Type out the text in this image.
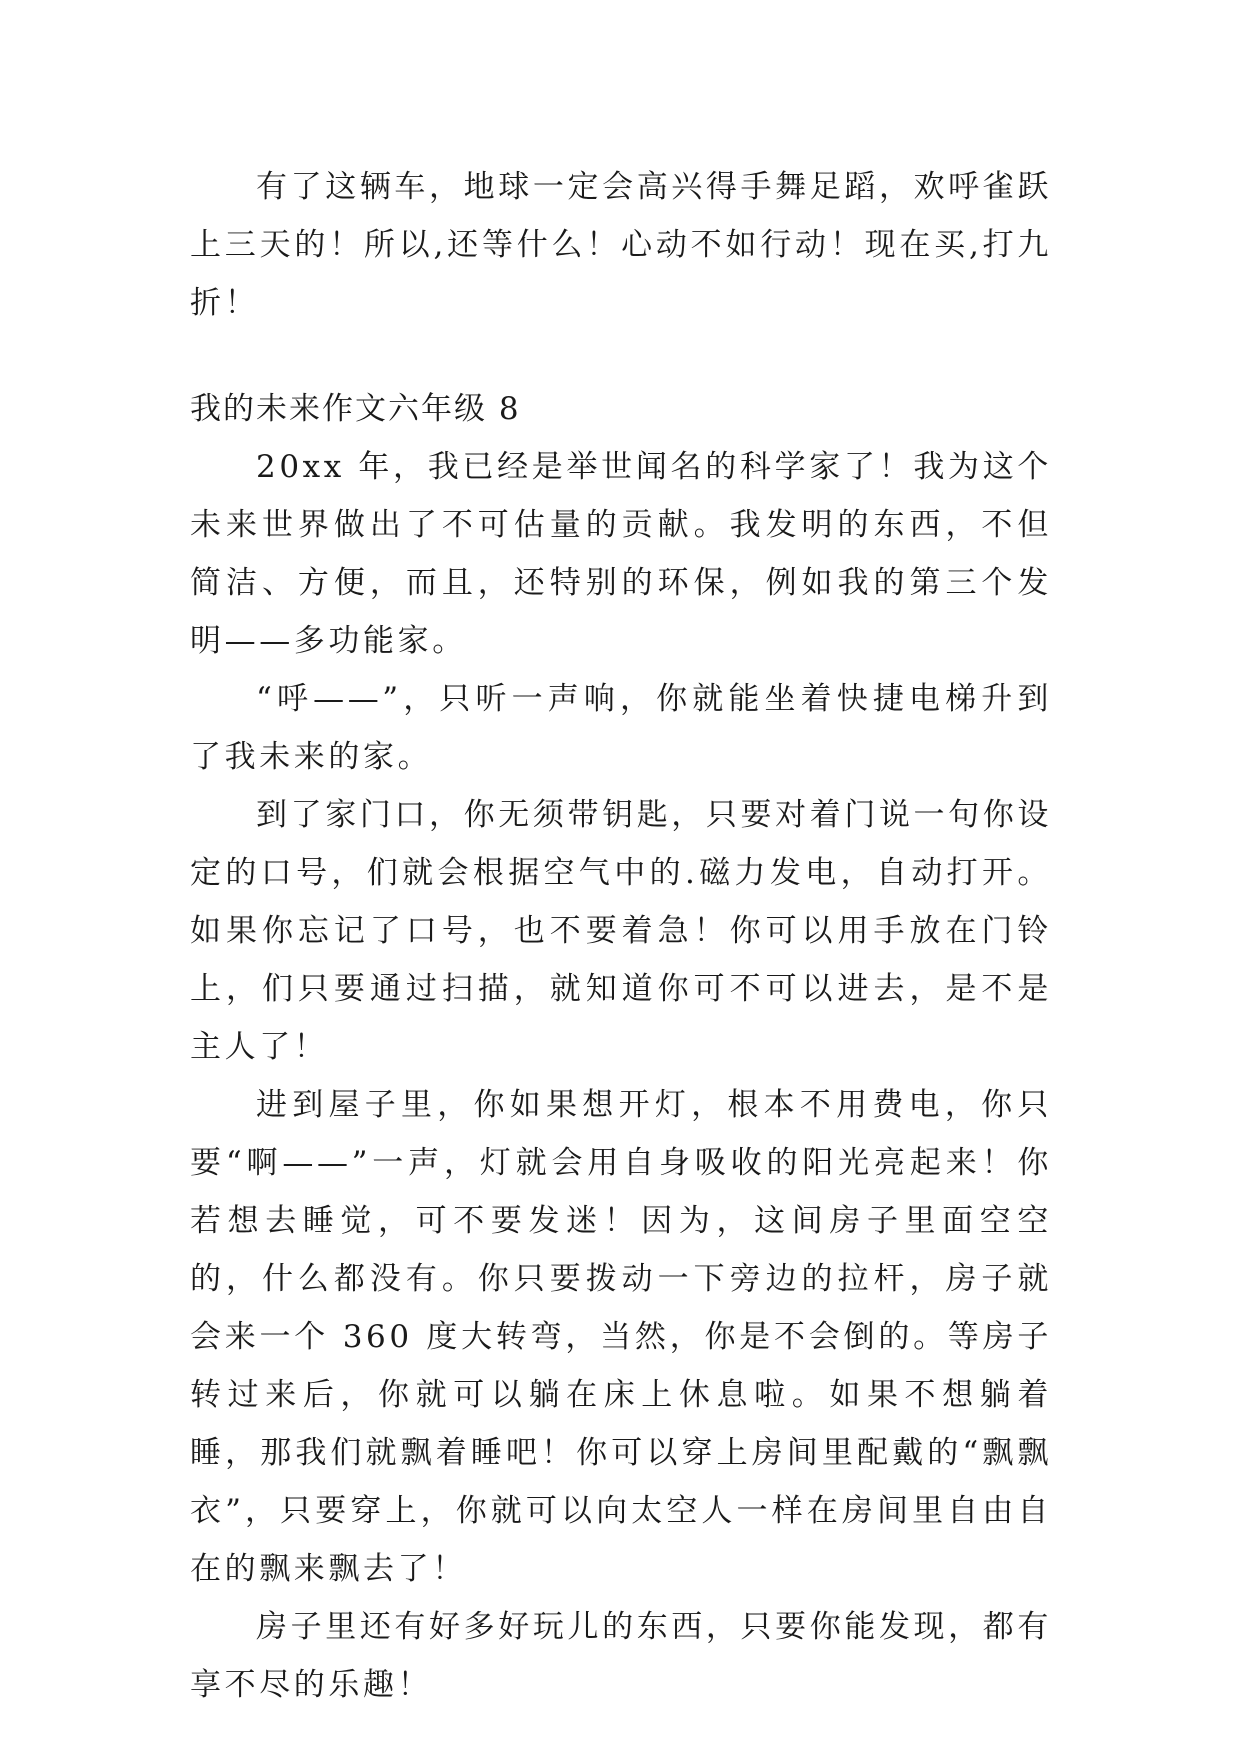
有了这辆车，地球一定会高兴得手舞足蹈，欢呼雀跃上三天的！所以,还等什么！心动不如行动！现在买,打九折！

我的未来作文六年级 8

20xx 年，我已经是举世闻名的科学家了！我为这个未来世界做出了不可估量的贡献。我发明的东西，不但简洁、方便，而且，还特别的环保，例如我的第三个发明——多功能家。

“呼——”，只听一声响，你就能坐着快捷电梯升到了我未来的家。

到了家门口，你无须带钥匙，只要对着门说一句你设定的口号，们就会根据空气中的.磁力发电，自动打开。如果你忘记了口号，也不要着急！你可以用手放在门铃上，们只要通过扫描，就知道你可不可以进去，是不是主人了！

进到屋子里，你如果想开灯，根本不用费电，你只要“啊——”一声，灯就会用自身吸收的阳光亮起来！你若想去睡觉，可不要发迷！因为，这间房子里面空空的，什么都没有。你只要拨动一下旁边的拉杆，房子就会来一个 360 度大转弯，当然，你是不会倒的。等房子转过来后，你就可以躺在床上休息啦。如果不想躺着睡，那我们就飘着睡吧！你可以穿上房间里配戴的“飘飘衣”，只要穿上，你就可以向太空人一样在房间里自由自在的飘来飘去了！

房子里还有好多好玩儿的东西，只要你能发现，都有享不尽的乐趣！
